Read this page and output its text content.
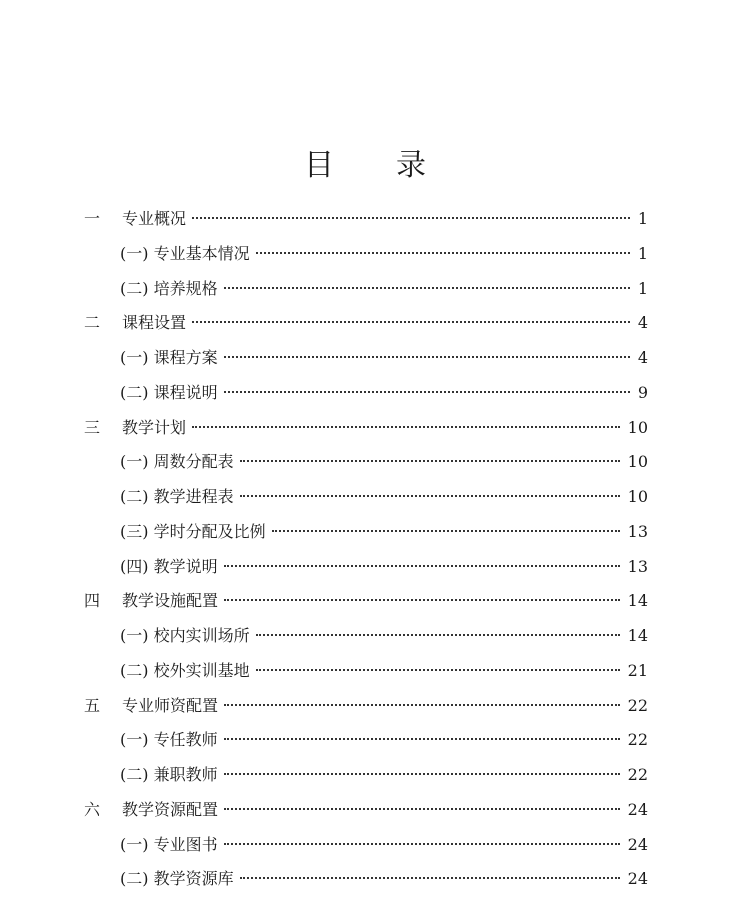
目 录
一	专业概况	1
(一) 专业基本情况	1
(二) 培养规格	1
二	课程设置	4
(一) 课程方案	4
(二) 课程说明	9
三	教学计划	10
(一) 周数分配表	10
(二) 教学进程表	10
(三) 学时分配及比例	13
(四) 教学说明	13
四	教学设施配置	14
(一) 校内实训场所	14
(二) 校外实训基地	21
五	专业师资配置	22
(一) 专任教师	22
(二) 兼职教师	22
六	教学资源配置	24
(一) 专业图书	24
(二) 教学资源库	24
